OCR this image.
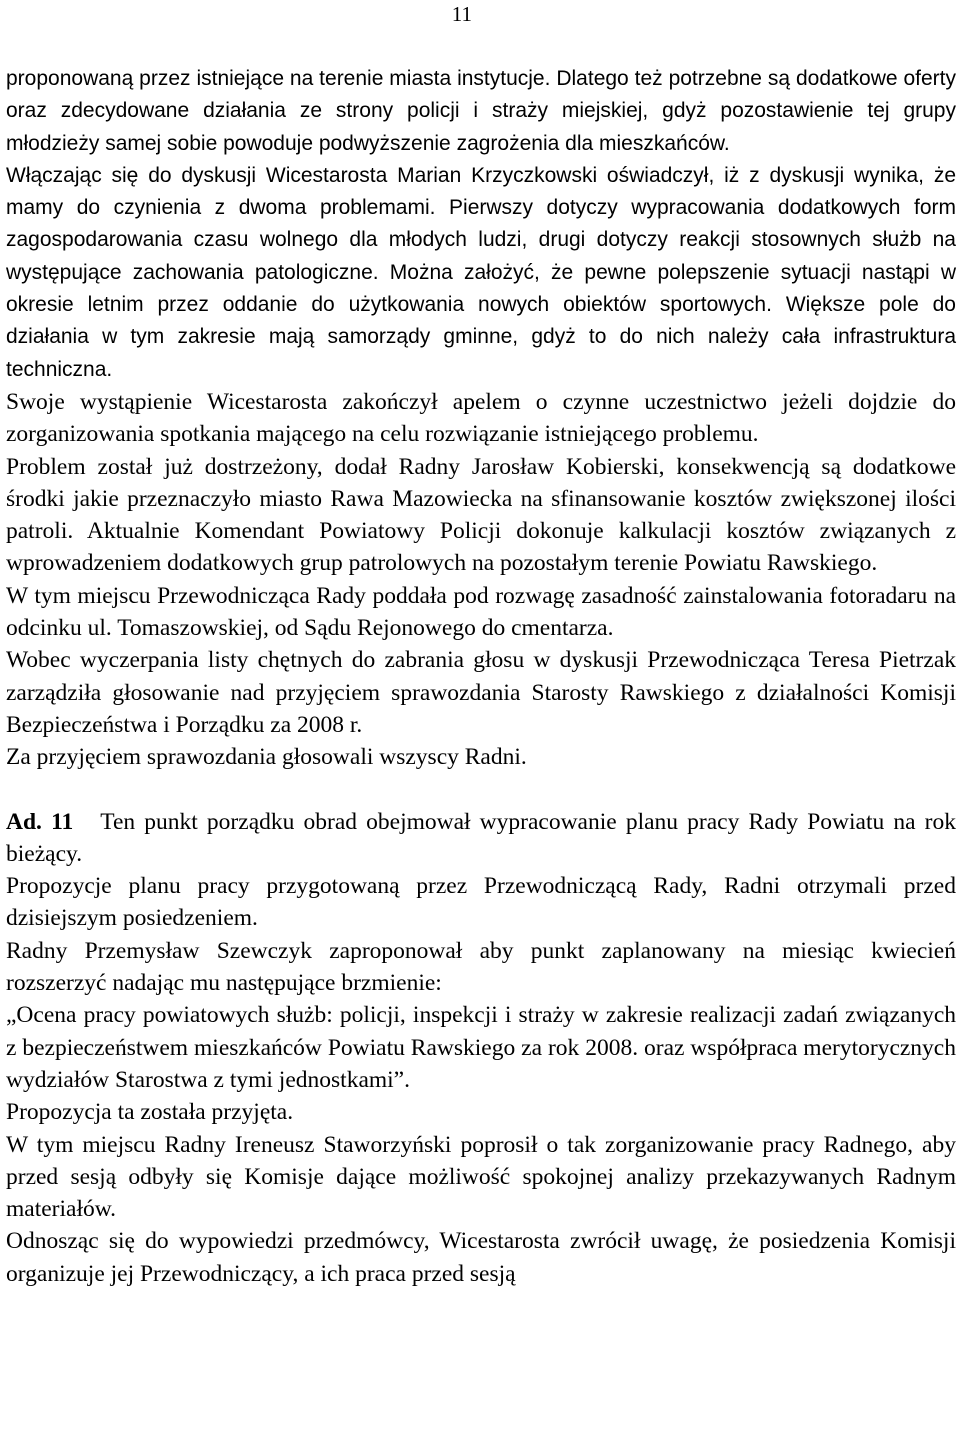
11

proponowaną przez istniejące na terenie miasta instytucje. Dlatego też potrzebne są dodatkowe oferty oraz zdecydowane działania ze strony policji i straży miejskiej, gdyż pozostawienie tej grupy młodzieży samej sobie powoduje podwyższenie zagrożenia dla mieszkańców.

Włączając się do dyskusji Wicestarosta Marian Krzyczkowski oświadczył, iż z dyskusji wynika, że mamy do czynienia z dwoma problemami. Pierwszy dotyczy wypracowania dodatkowych form zagospodarowania czasu wolnego dla młodych ludzi, drugi dotyczy reakcji stosownych służb na występujące zachowania patologiczne. Można założyć, że pewne polepszenie sytuacji nastąpi w okresie letnim przez oddanie do użytkowania nowych obiektów sportowych. Większe pole do działania w tym zakresie mają samorządy gminne, gdyż to do nich należy cała infrastruktura techniczna.

Swoje wystąpienie Wicestarosta zakończył apelem o czynne uczestnictwo jeżeli dojdzie do zorganizowania spotkania mającego na celu rozwiązanie istniejącego problemu.

Problem został już dostrzeżony, dodał Radny Jarosław Kobierski, konsekwencją są dodatkowe środki jakie przeznaczyło miasto Rawa Mazowiecka na sfinansowanie kosztów zwiększonej ilości patroli. Aktualnie Komendant Powiatowy Policji dokonuje kalkulacji kosztów związanych z wprowadzeniem dodatkowych grup patrolowych na pozostałym terenie Powiatu Rawskiego.

W tym miejscu Przewodnicząca Rady poddała pod rozwagę zasadność zainstalowania fotoradaru na odcinku ul. Tomaszowskiej, od Sądu Rejonowego do cmentarza.

Wobec wyczerpania listy chętnych do zabrania głosu w dyskusji Przewodnicząca Teresa Pietrzak zarządziła głosowanie nad przyjęciem sprawozdania Starosty Rawskiego z działalności Komisji Bezpieczeństwa i Porządku za 2008 r.

Za przyjęciem sprawozdania głosowali wszyscy Radni.

Ad. 11 Ten punkt porządku obrad obejmował wypracowanie planu pracy Rady Powiatu na rok bieżący.

Propozycje planu pracy przygotowaną przez Przewodniczącą Rady, Radni otrzymali przed dzisiejszym posiedzeniem.

Radny Przemysław Szewczyk zaproponował aby punkt zaplanowany na miesiąc kwiecień rozszerzyć nadając mu następujące brzmienie:

„Ocena pracy powiatowych służb: policji, inspekcji i straży w zakresie realizacji zadań związanych z bezpieczeństwem mieszkańców Powiatu Rawskiego za rok 2008. oraz współpraca merytorycznych wydziałów Starostwa z tymi jednostkami”.

Propozycja ta została przyjęta.

W tym miejscu Radny Ireneusz Staworzyński poprosił o tak zorganizowanie pracy Radnego, aby przed sesją odbyły się Komisje dające możliwość spokojnej analizy przekazywanych Radnym materiałów.

Odnosząc się do wypowiedzi przedmówcy, Wicestarosta zwrócił uwagę, że posiedzenia Komisji organizuje jej Przewodniczący, a ich praca przed sesją
